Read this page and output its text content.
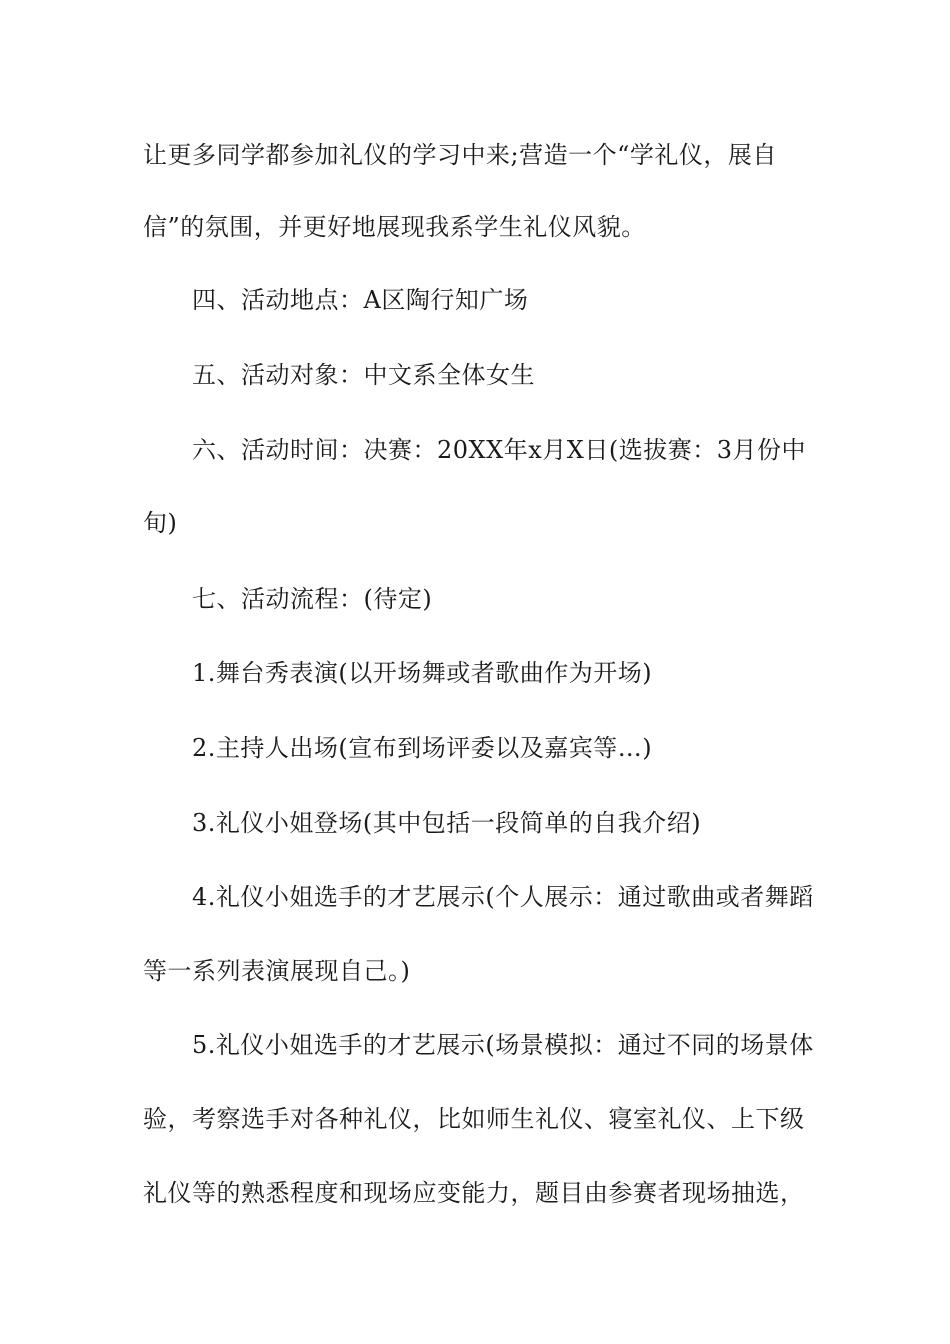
让更多同学都参加礼仪的学习中来;营造一个“学礼仪，展自
信”的氛围，并更好地展现我系学生礼仪风貌。
四、活动地点：A区陶行知广场
五、活动对象：中文系全体女生
六、活动时间：决赛：20XX年x月X日(选拔赛：3月份中
旬)
七、活动流程：(待定)
1.舞台秀表演(以开场舞或者歌曲作为开场)
2.主持人出场(宣布到场评委以及嘉宾等…)
3.礼仪小姐登场(其中包括一段简单的自我介绍)
4.礼仪小姐选手的才艺展示(个人展示：通过歌曲或者舞蹈
等一系列表演展现自己。)
5.礼仪小姐选手的才艺展示(场景模拟：通过不同的场景体
验，考察选手对各种礼仪，比如师生礼仪、寝室礼仪、上下级
礼仪等的熟悉程度和现场应变能力，题目由参赛者现场抽选，
